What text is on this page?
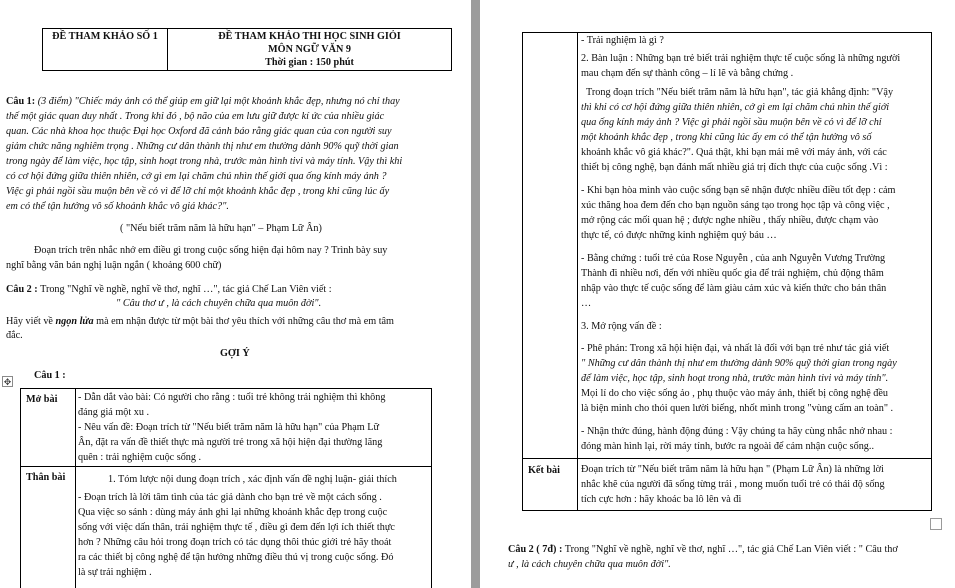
ĐỀ THAM KHẢO SỐ 1	ĐỀ THAM KHẢO THI HỌC SINH GIỎI
MÔN NGỮ VĂN 9
Thời gian : 150 phút
Câu 1: (3 điểm) "Chiếc máy ảnh có thể giúp em giữ lại một khoảnh khắc đẹp, nhưng nó chỉ thay
thế một giác quan duy nhất . Trong khi đó , bộ não của em lưu giữ được kí ức của nhiều giác
quan. Các nhà khoa học thuộc Đại học Oxford đã cảnh báo rằng giác quan của con người suy
giảm chức năng nghiêm trọng . Những cư dân thành thị như em thường dành 90% quỹ thời gian
trong ngày để làm việc, học tập, sinh hoạt trong nhà, trước màn hình tivi và máy tính. Vậy thì khi
có cơ hội đứng giữa thiên nhiên, cớ gì em lại chăm chú nhìn thế giới qua ống kính máy ảnh ?
Việc gì phải ngồi sầu muộn bên về cỏ vì để lỡ chỉ một khoảnh khắc đẹp , trong khi cũng lúc ấy
em có thể tận hưởng vô số khoảnh khắc vô giá khác?".
( "Nếu biết trăm năm là hữu hạn" – Phạm Lữ Ân)
Đoạn trích trên nhắc nhở em điều gì trong cuộc sống hiện đại hôm nay ? Trình bày suy
nghĩ bằng văn bản nghị luận ngắn ( khoảng 600 chữ)
Câu 2 : Trong "Nghĩ về nghề, nghĩ về thơ, nghĩ …", tác giả Chế Lan Viên viết :
" Câu thơ ư , là cách chuyên chữa qua muôn đời".
Hãy viết về ngọn lửa mà em nhận được từ một bài thơ yêu thích với những câu thơ mà em tâm
đắc.
GỢI Ý
Câu 1 :
Mở bài - Dẫn dắt vào bài: Có người cho rằng : tuổi trẻ không trải nghiệm thì không
đáng giá một xu .
- Nêu vấn đề: Đoạn trích từ "Nếu biết trăm năm là hữu hạn" của Phạm Lữ
Ân, đặt ra vấn đề thiết thực mà người trẻ trong xã hội hiện đại thường lãng
quên : trải nghiệm cuộc sống .
Thân bài	1. Tóm lược nội dung đoạn trích , xác định vấn đề nghị luận- giải thích
- Đoạn trích là lời tâm tình của tác giả dành cho bạn trẻ về một cách sống .
Qua việc so sánh : dùng máy ảnh ghi lại những khoảnh khắc đẹp trong cuộc
sống với việc dấn thân, trải nghiệm thực tế , điều gì đem đến lợi ích thiết thực
hơn ? Những câu hỏi trong đoạn trích có tác dụng thôi thúc giới trẻ hãy thoát
ra các thiết bị công nghệ để tận hưởng những điều thú vị trong cuộc sống. Đó
là sự trải nghiệm .
✥
- Trải nghiệm là gì ?
2. Bàn luận : Những bạn trẻ biết trải nghiệm thực tế cuộc sống là những người
mau chạm đến sự thành công – lí lẽ và bằng chứng .
Trong đoạn trích "Nếu biết trăm năm là hữu hạn", tác giả khẳng định: "Vậy
thì khi có cơ hội đứng giữa thiên nhiên, cớ gì em lại chăm chú nhìn thế giới
qua ống kính máy ảnh ? Việc gì phải ngồi sầu muộn bên về cỏ vì để lỡ chỉ
một khoảnh khắc đẹp , trong khi cũng lúc ấy em có thể tận hưởng vô số
khoảnh khắc vô giá khác?". Quả thật, khi bạn mải mê với máy ảnh, với các
thiết bị công nghệ, bạn đánh mất nhiều giá trị đích thực của cuộc sống .Vì :
- Khi bạn hòa mình vào cuộc sống bạn sẽ nhận được nhiều điều tốt đẹp : cảm
xúc thăng hoa đem đến cho bạn nguồn sáng tạo trong học tập và công việc ,
mở rộng các mối quan hệ ; được nghe nhiều , thấy nhiều, được chạm vào
thực tế, có được những kinh nghiệm quý báu …
- Bằng chứng : tuổi trẻ của Rose Nguyễn , của anh Nguyễn Vương Trường
Thành đi nhiều nơi, đến với nhiều quốc gia để trải nghiệm, chủ động thâm
nhập vào thực tế cuộc sống để làm giàu cảm xúc và kiến thức cho bản thân
…
3. Mở rộng vấn đề :
- Phê phán: Trong xã hội hiện đại, và nhất là đối với bạn trẻ như tác giả viết
" Những cư dân thành thị như em thường dành 90% quỹ thời gian trong ngày
để làm việc, học tập, sinh hoạt trong nhà, trước màn hình tivi và máy tính".
Mọi lí do cho việc sống ảo , phụ thuộc vào máy ảnh, thiết bị công nghệ đều
là biện minh cho thói quen lười biếng, nhốt mình trong "vùng cấm an toàn" .
- Nhận thức đúng, hành động đúng : Vậy chúng ta hãy cùng nhắc nhở nhau :
đóng màn hình lại, rời máy tính, bước ra ngoài để cảm nhận cuộc sống..
Kết bài Đoạn trích từ "Nếu biết trăm năm là hữu hạn " (Phạm Lữ Ân) là những lời
nhắc khẽ của người đã sống từng trải , mong muốn tuổi trẻ có thái độ sống
tích cực hơn : hãy khoác ba lô lên và đi
Câu 2 ( 7đ) : Trong "Nghĩ về nghề, nghĩ về thơ, nghĩ …", tác giả Chế Lan Viên viết : " Câu thơ
ư , là cách chuyên chữa qua muôn đời".
